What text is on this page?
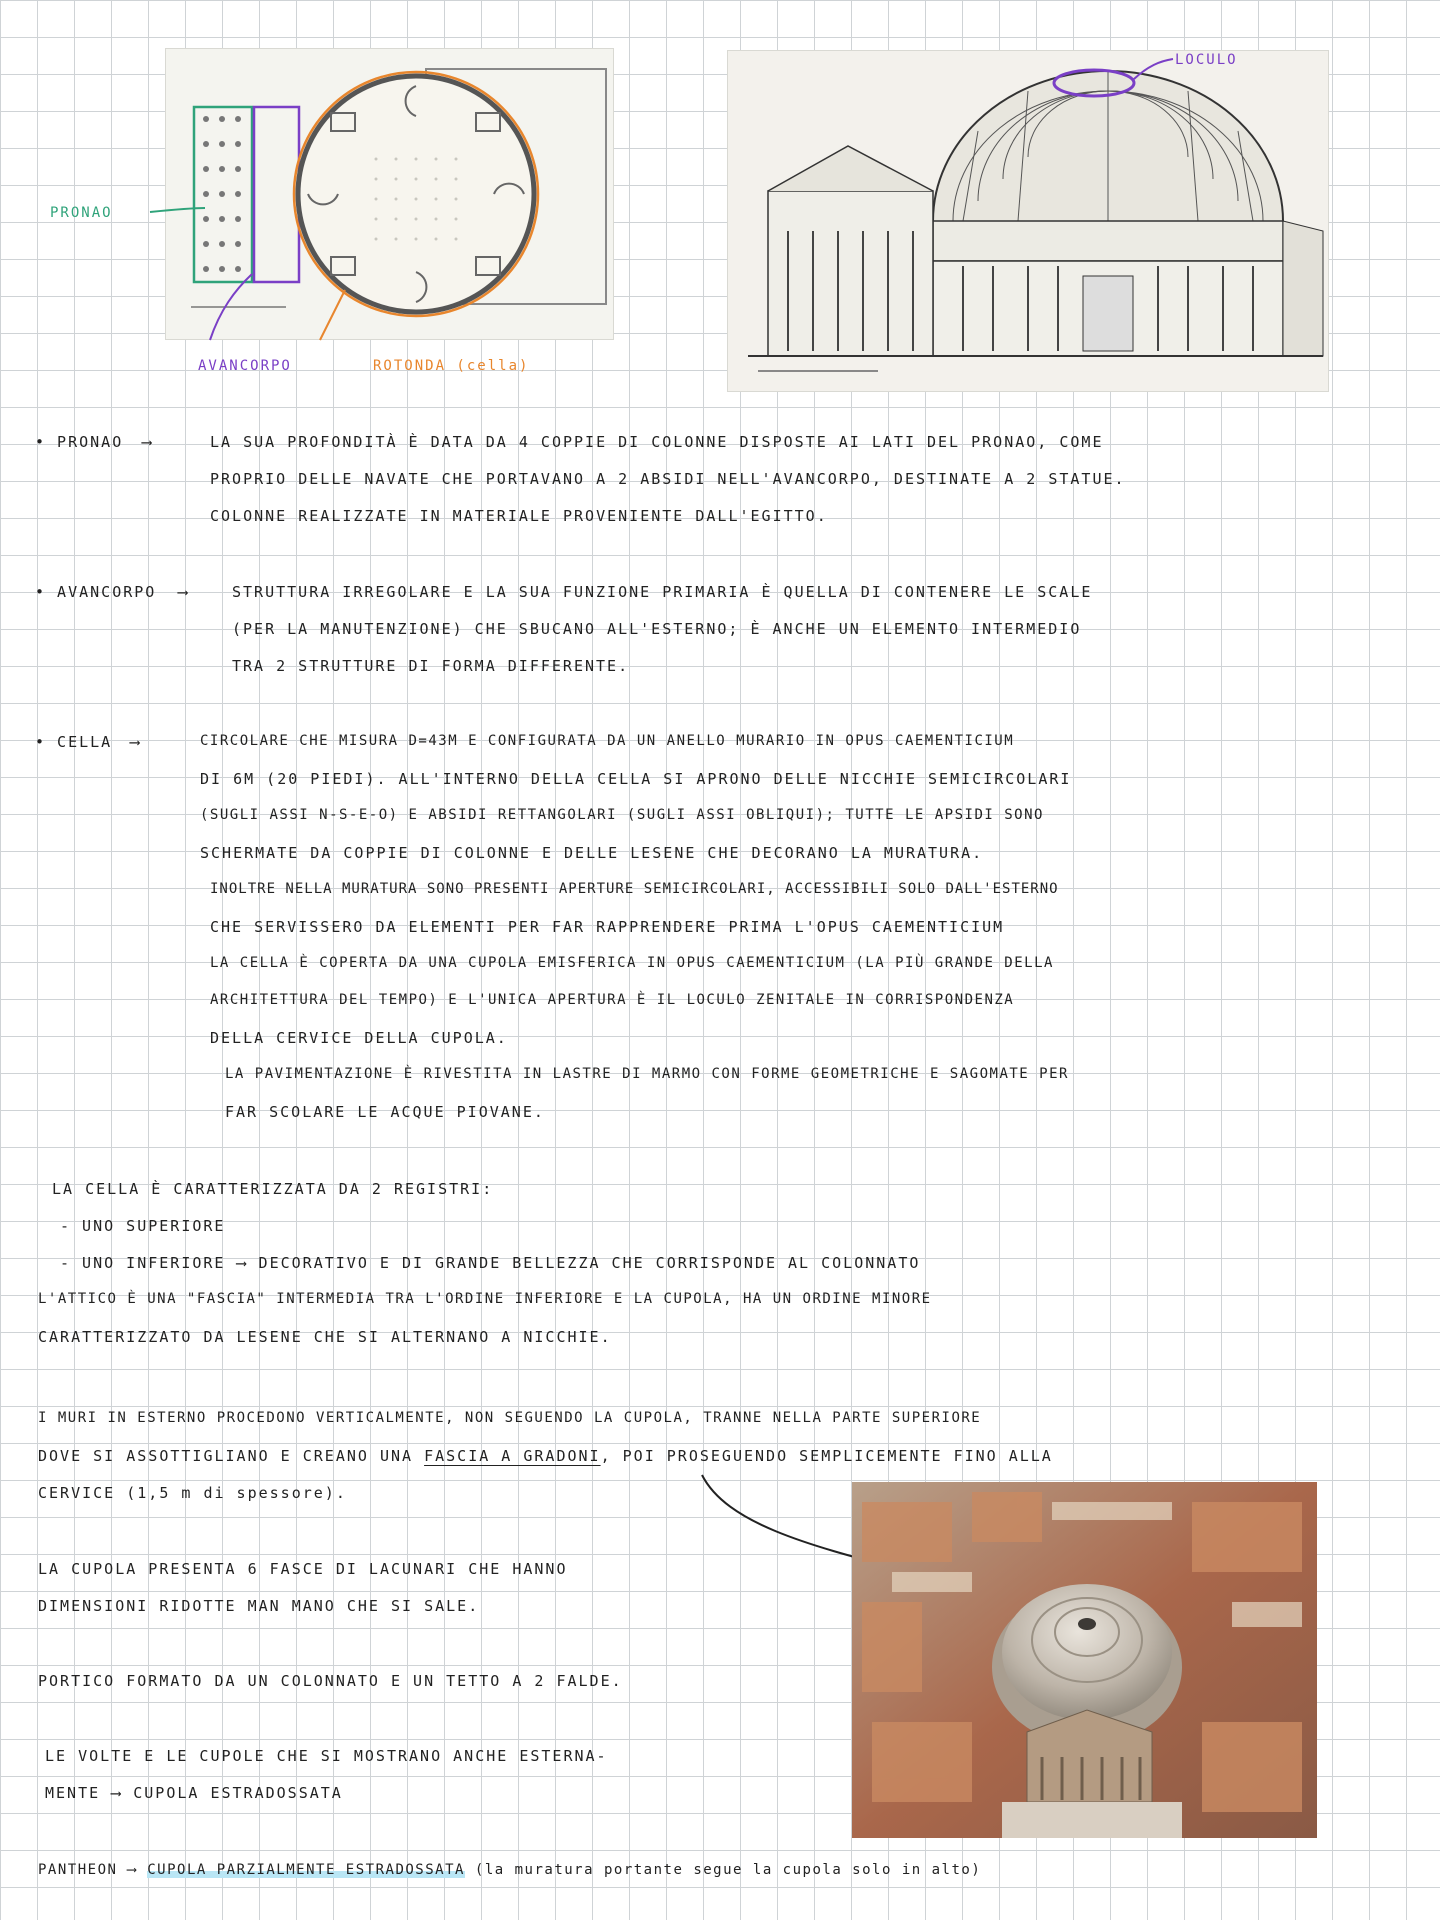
PRONAO
AVANCORPO	ROTONDA (cella)
LOCULO
• PRONAO ⟶	LA SUA PROFONDITÀ È DATA DA 4 COPPIE DI COLONNE DISPOSTE AI LATI DEL PRONAO, COME
PROPRIO DELLE NAVATE CHE PORTAVANO A 2 ABSIDI NELL'AVANCORPO, DESTINATE A 2 STATUE.
COLONNE REALIZZATE IN MATERIALE PROVENIENTE DALL'EGITTO.
• AVANCORPO ⟶	STRUTTURA IRREGOLARE E LA SUA FUNZIONE PRIMARIA È QUELLA DI CONTENERE LE SCALE
(PER LA MANUTENZIONE) CHE SBUCANO ALL'ESTERNO; È ANCHE UN ELEMENTO INTERMEDIO
TRA 2 STRUTTURE DI FORMA DIFFERENTE.
• CELLA ⟶	CIRCOLARE CHE MISURA D=43M E CONFIGURATA DA UN ANELLO MURARIO IN OPUS CAEMENTICIUM
DI 6M (20 PIEDI). ALL'INTERNO DELLA CELLA SI APRONO DELLE NICCHIE SEMICIRCOLARI
(SUGLI ASSI N-S-E-O) E ABSIDI RETTANGOLARI (SUGLI ASSI OBLIQUI); TUTTE LE APSIDI SONO
SCHERMATE DA COPPIE DI COLONNE E DELLE LESENE CHE DECORANO LA MURATURA.
INOLTRE NELLA MURATURA SONO PRESENTI APERTURE SEMICIRCOLARI, ACCESSIBILI SOLO DALL'ESTERNO
CHE SERVISSERO DA ELEMENTI PER FAR RAPPRENDERE PRIMA L'OPUS CAEMENTICIUM
LA CELLA È COPERTA DA UNA CUPOLA EMISFERICA IN OPUS CAEMENTICIUM (LA PIÙ GRANDE DELLA
ARCHITETTURA DEL TEMPO) E L'UNICA APERTURA È IL LOCULO ZENITALE IN CORRISPONDENZA
DELLA CERVICE DELLA CUPOLA.
LA PAVIMENTAZIONE È RIVESTITA IN LASTRE DI MARMO CON FORME GEOMETRICHE E SAGOMATE PER
FAR SCOLARE LE ACQUE PIOVANE.
LA CELLA È CARATTERIZZATA DA 2 REGISTRI:
- UNO SUPERIORE
- UNO INFERIORE ⟶ DECORATIVO E DI GRANDE BELLEZZA CHE CORRISPONDE AL COLONNATO
L'ATTICO È UNA "FASCIA" INTERMEDIA TRA L'ORDINE INFERIORE E LA CUPOLA, HA UN ORDINE MINORE
CARATTERIZZATO DA LESENE CHE SI ALTERNANO A NICCHIE.
I MURI IN ESTERNO PROCEDONO VERTICALMENTE, NON SEGUENDO LA CUPOLA, TRANNE NELLA PARTE SUPERIORE
DOVE SI ASSOTTIGLIANO E CREANO UNA FASCIA A GRADONI, POI PROSEGUENDO SEMPLICEMENTE FINO ALLA
CERVICE (1,5 m di spessore).
LA CUPOLA PRESENTA 6 FASCE DI LACUNARI CHE HANNO
DIMENSIONI RIDOTTE MAN MANO CHE SI SALE.
PORTICO FORMATO DA UN COLONNATO E UN TETTO A 2 FALDE.
LE VOLTE E LE CUPOLE CHE SI MOSTRANO ANCHE ESTERNA-
MENTE ⟶ CUPOLA ESTRADOSSATA
PANTHEON ⟶ CUPOLA PARZIALMENTE ESTRADOSSATA (la muratura portante segue la cupola solo in alto)
